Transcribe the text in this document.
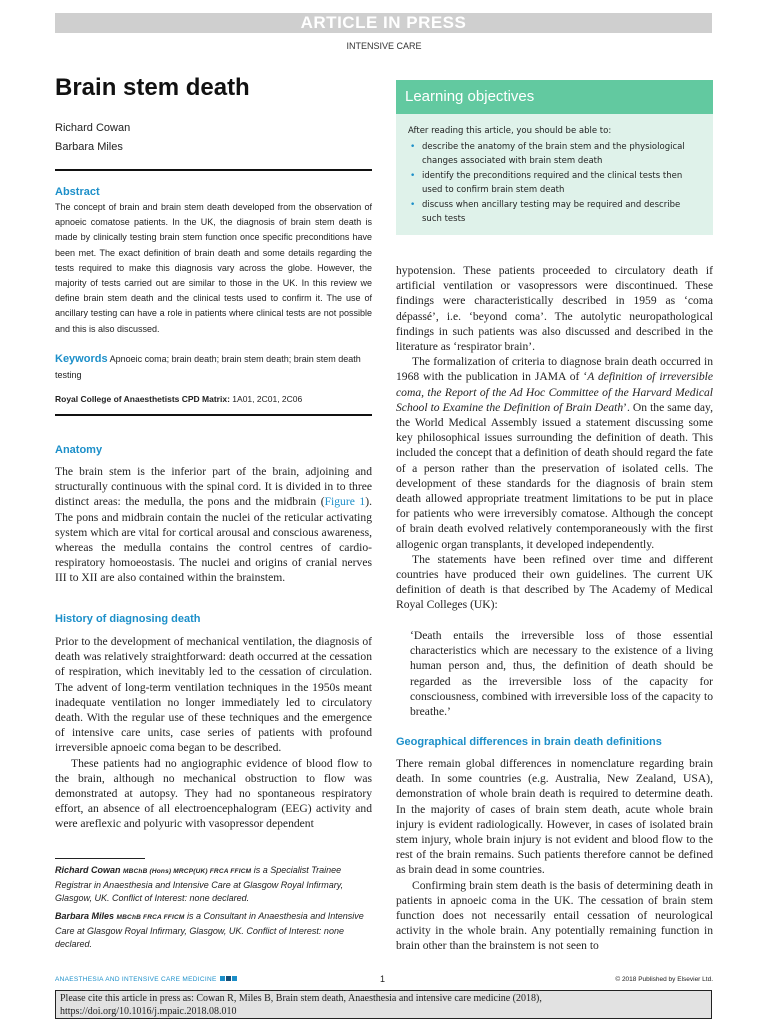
ARTICLE IN PRESS
INTENSIVE CARE
Brain stem death
Richard Cowan
Barbara Miles
Abstract
The concept of brain and brain stem death developed from the observation of apnoeic comatose patients. In the UK, the diagnosis of brain stem death is made by clinically testing brain stem function once specific preconditions have been met. The exact definition of brain death and some details regarding the tests required to make this diagnosis vary across the globe. However, the majority of tests carried out are similar to those in the UK. In this review we define brain stem death and the clinical tests used to confirm it. The use of ancillary testing can have a role in patients where clinical tests are not possible and this is also discussed.
Keywords Apnoeic coma; brain death; brain stem death; brain stem death testing
Royal College of Anaesthetists CPD Matrix: 1A01, 2C01, 2C06
Anatomy

The brain stem is the inferior part of the brain, adjoining and structurally continuous with the spinal cord. It is divided in to three distinct areas: the medulla, the pons and the midbrain (Figure 1). The pons and midbrain contain the nuclei of the reticular activating system which are vital for cortical arousal and conscious awareness, whereas the medulla contains the control centres of cardio-respiratory homoeostasis. The nuclei and origins of cranial nerves III to XII are also contained within the brainstem.

History of diagnosing death

Prior to the development of mechanical ventilation, the diagnosis of death was relatively straightforward: death occurred at the cessation of respiration, which inevitably led to the cessation of circulation. The advent of long-term ventilation techniques in the 1950s meant inadequate ventilation no longer immediately led to circulatory death. With the regular use of these techniques and the emergence of intensive care units, case series of patients with profound irreversible apnoeic coma began to be described.

These patients had no angiographic evidence of blood flow to the brain, although no mechanical obstruction to flow was demonstrated at autopsy. They had no spontaneous respiratory effort, an absence of all electroencephalogram (EEG) activity and were areflexic and polyuric with vasopressor dependent

Richard Cowan MBChB (Hons) MRCP(UK) FRCA FFICM is a Specialist Trainee Registrar in Anaesthesia and Intensive Care at Glasgow Royal Infirmary, Glasgow, UK. Conflict of Interest: none declared.
Barbara Miles MBChB FRCA FFICM is a Consultant in Anaesthesia and Intensive Care at Glasgow Royal Infirmary, Glasgow, UK. Conflict of Interest: none declared.
Learning objectives
After reading this article, you should be able to:
• describe the anatomy of the brain stem and the physiological changes associated with brain stem death
• identify the preconditions required and the clinical tests then used to confirm brain stem death
• discuss when ancillary testing may be required and describe such tests

hypotension. These patients proceeded to circulatory death if artificial ventilation or vasopressors were discontinued. These findings were characteristically described in 1959 as ‘coma dépassé’, i.e. ‘beyond coma’. The autolytic neuropathological findings in such patients was also discussed and described in the literature as ‘respirator brain’.

The formalization of criteria to diagnose brain death occurred in 1968 with the publication in JAMA of ‘A definition of irreversible coma, the Report of the Ad Hoc Committee of the Harvard Medical School to Examine the Definition of Brain Death’. On the same day, the World Medical Assembly issued a statement discussing some key philosophical issues surrounding the definition of death. This included the concept that a definition of death should regard the fate of a person rather than the preservation of isolated cells. The development of these standards for the diagnosis of brain stem death allowed appropriate treatment limitations to be put in place for patients who were irreversibly comatose. Although the concept of brain death evolved relatively contemporaneously with the first allogenic organ transplants, it developed independently.

The statements have been refined over time and different countries have produced their own guidelines. The current UK definition of death is that described by The Academy of Medical Royal Colleges (UK):

‘Death entails the irreversible loss of those essential characteristics which are necessary to the existence of a living human person and, thus, the definition of death should be regarded as the irreversible loss of the capacity for consciousness, combined with irreversible loss of the capacity to breathe.’
Geographical differences in brain death definitions

There remain global differences in nomenclature regarding brain death. In some countries (e.g. Australia, New Zealand, USA), demonstration of whole brain death is required to determine death. In the majority of cases of brain stem death, acute whole brain injury is evident radiologically. However, in cases of isolated brain stem injury, whole brain injury is not evident and blood flow to the rest of the brain remains. Such patients therefore cannot be defined as brain dead in some countries.

Confirming brain stem death is the basis of determining death in patients in apnoeic coma in the UK. The cessation of brain stem function does not necessarily entail cessation of neurological activity in the whole brain. Any potentially remaining function in brain other than the brainstem is not seen to

ANAESTHESIA AND INTENSIVE CARE MEDICINE	1	© 2018 Published by Elsevier Ltd.
Please cite this article in press as: Cowan R, Miles B, Brain stem death, Anaesthesia and intensive care medicine (2018), https://doi.org/10.1016/j.mpaic.2018.08.010
